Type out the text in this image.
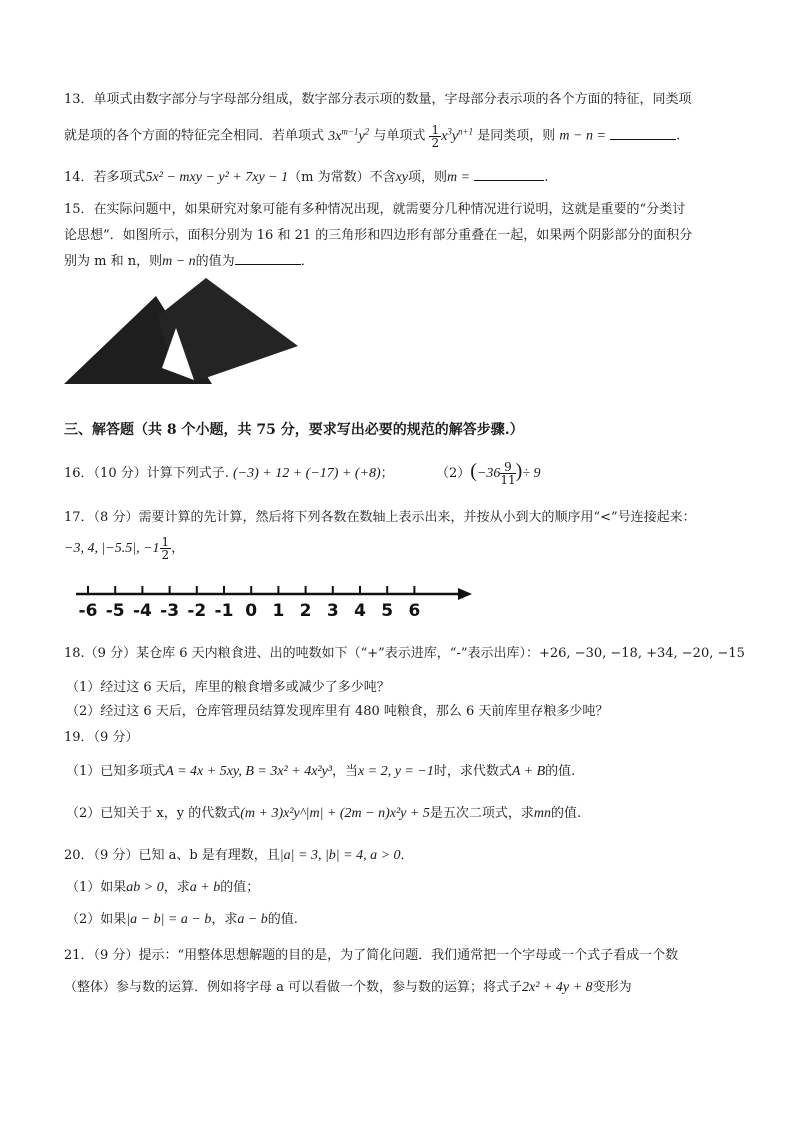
13．单项式由数字部分与字母部分组成，数字部分表示项的数量，字母部分表示项的各个方面的特征，同类项
就是项的各个方面的特征完全相同．若单项式 $3x^{m-1}y^2$ 与单项式 $\frac{1}{2} x^3y^{n+1}$ 是同类项，则 m − n =	.
14．若多项式5x² − mxy − y² + 7xy − 1（m 为常数）不含xy项，则m =	.
15．在实际问题中，如果研究对象可能有多种情况出现，就需要分几种情况进行说明，这就是重要的“分类讨
论思想”．如图所示，面积分别为 16 和 21 的三角形和四边形有部分重叠在一起，如果两个阴影部分的面积分
别为 m 和 n，则m − n的值为	．
三、解答题（共 8 个小题，共 75 分，要求写出必要的规范的解答步骤.）
16．（10 分）计算下列式子. (−3) + 12 + (−17) + (+8)；	$(2)(-36 \frac{9}{11}$ )÷ 9
17．（8 分）需要计算的先计算，然后将下列各数在数轴上表示出来，并按从小到大的顺序用“<”号连接起来：
−3, 4, |−5.5|, $-1 \frac{1}{2}$ ，
-6 -5 -4 -3 -2 -1 0 1 2 3 4 5 6
18.（9 分）某仓库 6 天内粮食进、出的吨数如下（“+”表示进库，“-”表示出库）：+26, −30, −18, +34, −20, −15
（1）经过这 6 天后，库里的粮食增多或减少了多少吨？
（2）经过这 6 天后，仓库管理员结算发现库里有 480 吨粮食，那么 6 天前库里存粮多少吨？
19．（9 分）
（1）已知多项式A = 4x + 5xy, B = 3x² + 4x²y³，当x = 2, y = −1时，求代数式A + B的值.
（2）已知关于 x，y 的代数式(m + 3)x²y^|m| + (2m − n)x²y + 5是五次二项式，求mn的值.
20．（9 分）已知 a、b 是有理数，且|a| = 3, |b| = 4, a > 0．
（1）如果ab > 0，求a + b的值；
（2）如果|a − b| = a − b，求a − b的值.
21．（9 分）提示：“用整体思想解题的目的是，为了简化问题．我们通常把一个字母或一个式子看成一个数
（整体）参与数的运算．例如将字母 a 可以看做一个数，参与数的运算；将式子2x² + 4y + 8变形为
